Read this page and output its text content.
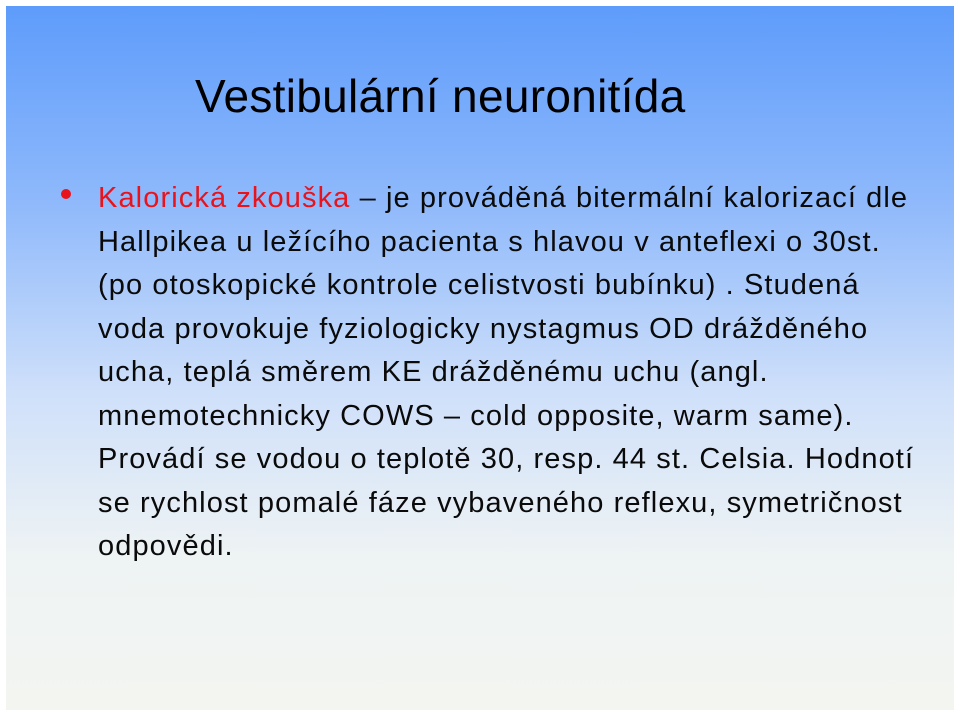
Vestibulární neuronitída

Kalorická zkouška – je prováděná bitermální kalorizací dle Hallpikea u ležícího pacienta s hlavou v anteflexi o 30st. (po otoskopické kontrole celistvosti bubínku) . Studená voda provokuje fyziologicky nystagmus OD drážděného ucha, teplá směrem KE drážděnému uchu (angl. mnemotechnicky COWS – cold opposite, warm same). Provádí se vodou o teplotě 30, resp. 44 st. Celsia. Hodnotí se rychlost pomalé fáze vybaveného reflexu, symetričnost odpovědi.
